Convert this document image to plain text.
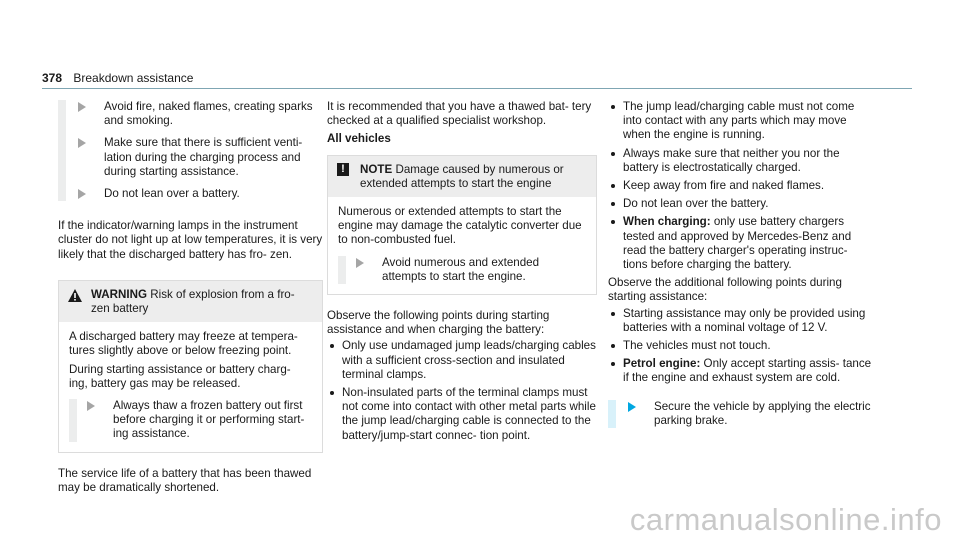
378 Breakdown assistance

Avoid fire, naked flames, creating sparks and smoking.

Make sure that there is sufficient venti- lation during the charging process and during starting assistance.

Do not lean over a battery.

If the indicator/warning lamps in the instrument cluster do not light up at low temperatures, it is very likely that the discharged battery has fro- zen.

WARNING Risk of explosion from a fro- zen battery

A discharged battery may freeze at tempera- tures slightly above or below freezing point.

During starting assistance or battery charg- ing, battery gas may be released.

Always thaw a frozen battery out first before charging it or performing start- ing assistance.

The service life of a battery that has been thawed may be dramatically shortened.

It is recommended that you have a thawed bat- tery checked at a qualified specialist workshop.

All vehicles

!	NOTE Damage caused by numerous or extended attempts to start the engine

Numerous or extended attempts to start the engine may damage the catalytic converter due to non-combusted fuel.

Avoid numerous and extended attempts to start the engine.

Observe the following points during starting assistance and when charging the battery:

Only use undamaged jump leads/charging cables with a sufficient cross-section and insulated terminal clamps.
Non-insulated parts of the terminal clamps must not come into contact with other metal parts while the jump lead/charging cable is connected to the battery/jump-start connec- tion point.
The jump lead/charging cable must not come into contact with any parts which may move when the engine is running.
Always make sure that neither you nor the battery is electrostatically charged.
Keep away from fire and naked flames.
Do not lean over the battery.
When charging: only use battery chargers tested and approved by Mercedes-Benz and read the battery charger's operating instruc- tions before charging the battery.

Observe the additional following points during starting assistance:

Starting assistance may only be provided using batteries with a nominal voltage of 12 V.
The vehicles must not touch.
Petrol engine: Only accept starting assis- tance if the engine and exhaust system are cold.

Secure the vehicle by applying the electric parking brake.

carmanualsonline.info
